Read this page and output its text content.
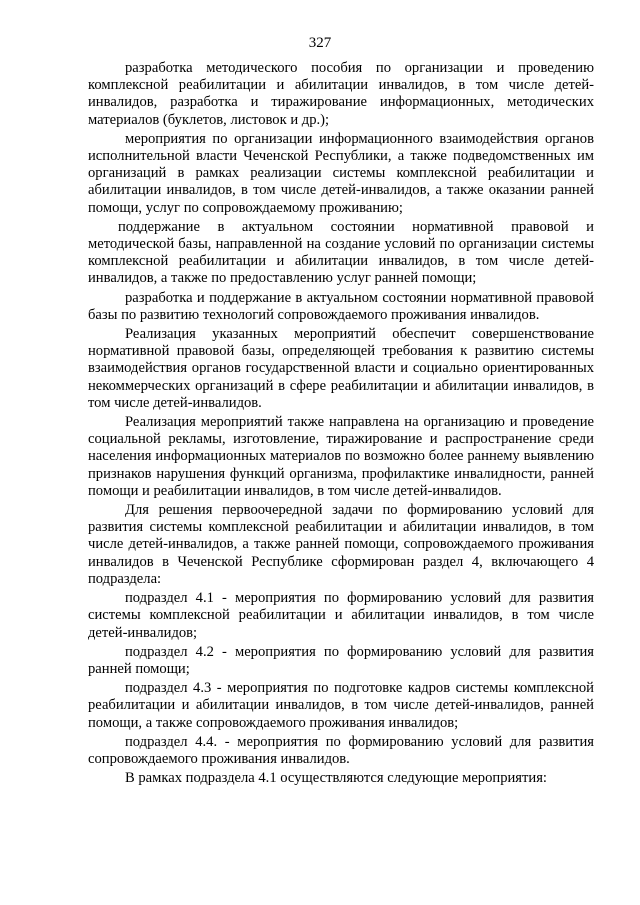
327

разработка методического пособия по организации и проведению комплексной реабилитации и абилитации инвалидов, в том числе детей-инвалидов, разработка и тиражирование информационных, методических материалов (буклетов, листовок и др.);

мероприятия по организации информационного взаимодействия органов исполнительной власти Чеченской Республики, а также подведомственных им организаций в рамках реализации системы комплексной реабилитации и абилитации инвалидов, в том числе детей-инвалидов, а также оказании ранней помощи, услуг по сопровождаемому проживанию;

поддержание в актуальном состоянии нормативной правовой и методической базы, направленной на создание условий по организации системы комплексной реабилитации и абилитации инвалидов, в том числе детей-инвалидов, а также по предоставлению услуг ранней помощи;

разработка и поддержание в актуальном состоянии нормативной правовой базы по развитию технологий сопровождаемого проживания инвалидов.

Реализация указанных мероприятий обеспечит совершенствование нормативной правовой базы, определяющей требования к развитию системы взаимодействия органов государственной власти и социально ориентированных некоммерческих организаций в сфере реабилитации и абилитации инвалидов, в том числе детей-инвалидов.

Реализация мероприятий также направлена на организацию и проведение социальной рекламы, изготовление, тиражирование и распространение среди населения информационных материалов по возможно более раннему выявлению признаков нарушения функций организма, профилактике инвалидности, ранней помощи и реабилитации инвалидов, в том числе детей-инвалидов.

Для решения первоочередной задачи по формированию условий для развития системы комплексной реабилитации и абилитации инвалидов, в том числе детей-инвалидов, а также ранней помощи, сопровождаемого проживания инвалидов в Чеченской Республике сформирован раздел 4, включающего 4 подраздела:

подраздел 4.1 - мероприятия по формированию условий для развития системы комплексной реабилитации и абилитации инвалидов, в том числе детей-инвалидов;

подраздел 4.2 - мероприятия по формированию условий для развития ранней помощи;

подраздел 4.3 - мероприятия по подготовке кадров системы комплексной реабилитации и абилитации инвалидов, в том числе детей-инвалидов, ранней помощи, а также сопровождаемого проживания инвалидов;

подраздел 4.4. - мероприятия по формированию условий для развития сопровождаемого проживания инвалидов.

В рамках подраздела 4.1 осуществляются следующие мероприятия:
